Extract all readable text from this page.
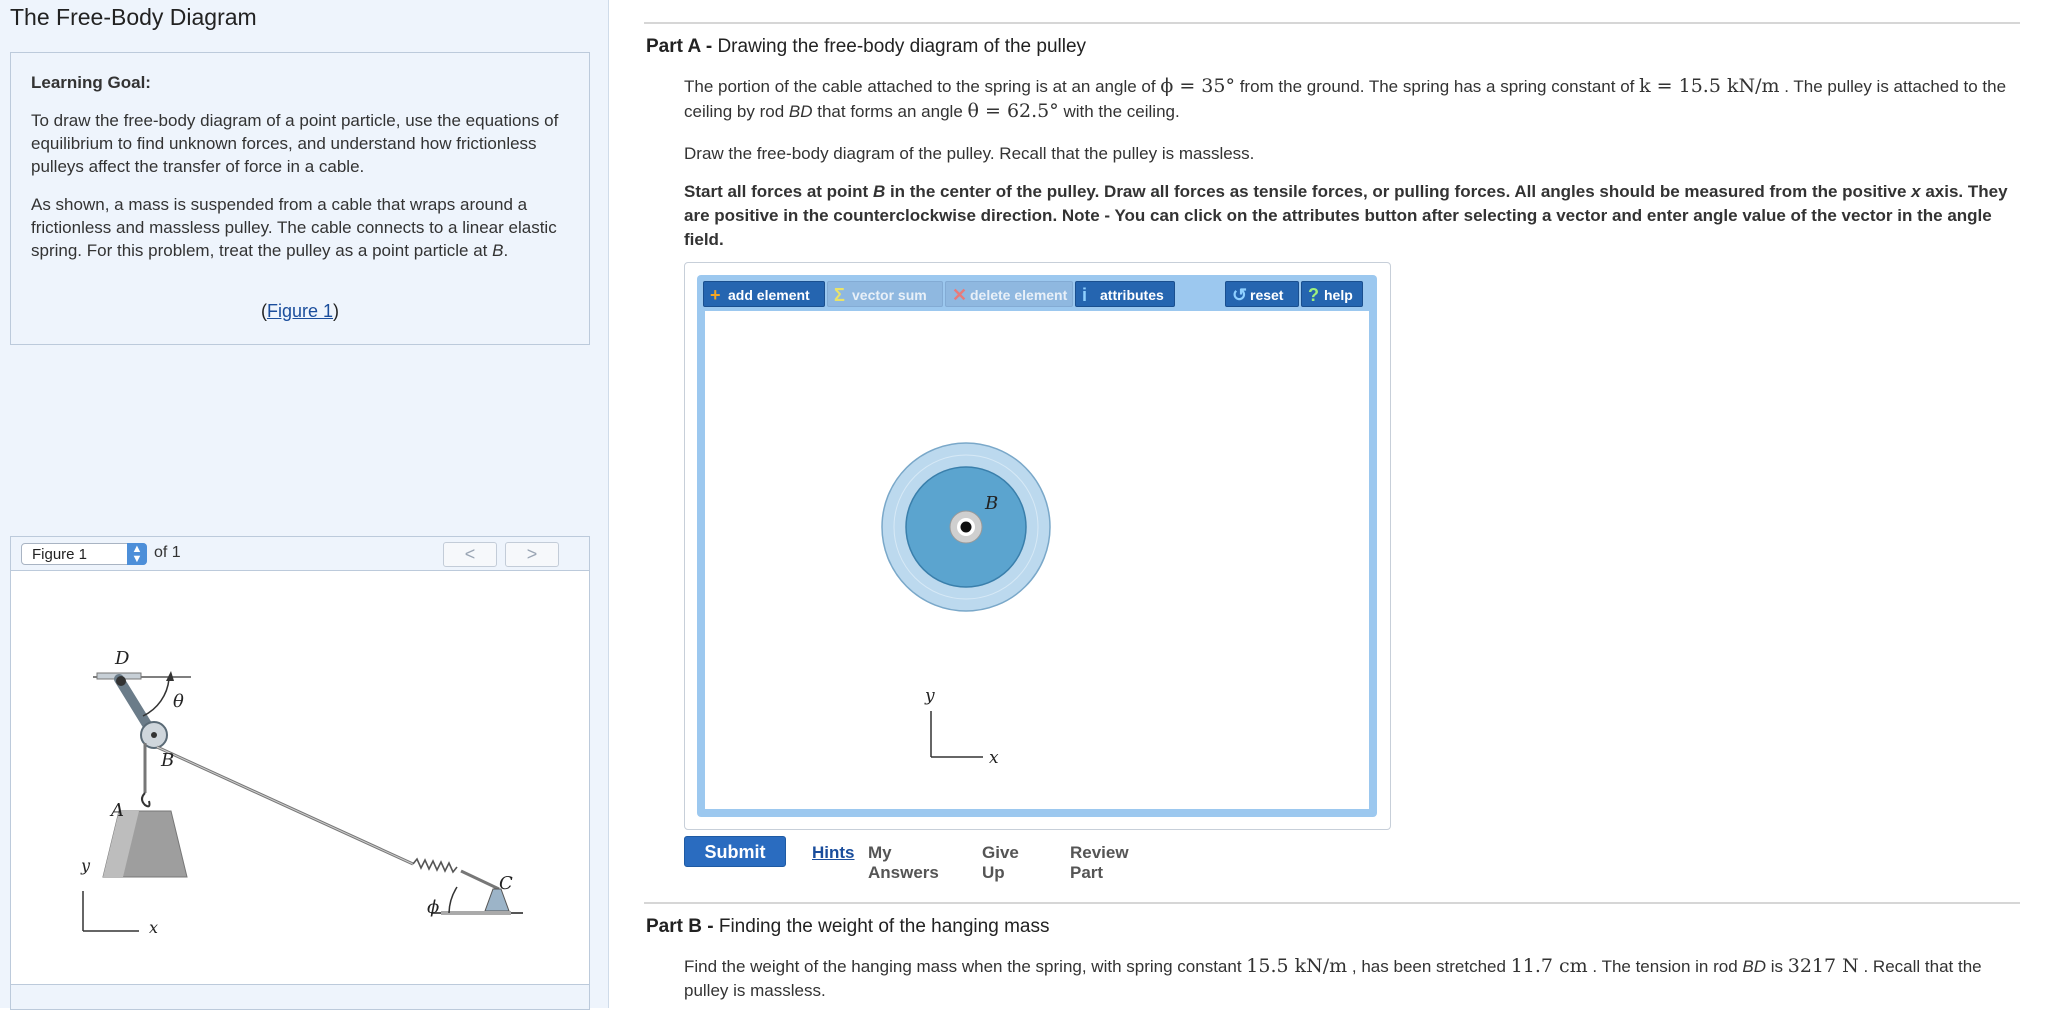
The Free-Body Diagram
Learning Goal:

To draw the free-body diagram of a point particle, use the equations of equilibrium to find unknown forces, and understand how frictionless pulleys affect the transfer of force in a cable.

As shown, a mass is suspended from a cable that wraps around a frictionless and massless pulley. The cable connects to a linear elastic spring. For this problem, treat the pulley as a point particle at B.

(Figure 1)
Figure 1	▲
▼ of 1	<	>
D
θ
B
A
y
x
ϕ
C
Part A - Drawing the free-body diagram of the pulley

The portion of the cable attached to the spring is at an angle of ϕ = 35° from the ground. The spring has a spring constant of k = 15.5 kN/m . The pulley is attached to the ceiling by rod BD that forms an angle θ = 62.5° with the ceiling.

Draw the free-body diagram of the pulley. Recall that the pulley is massless.

Start all forces at point B in the center of the pulley. Draw all forces as tensile forces, or pulling forces. All angles should be measured from the positive x axis. They are positive in the counterclockwise direction. Note - You can click on the attributes button after selecting a vector and enter angle value of the vector in the angle field.

+ add element	Σ vector sum	✕ delete element i attributes	↺ reset	? help
B
y
x
Submit	Hints My Answers
Give Up
Review Part
Part B - Finding the weight of the hanging mass

Find the weight of the hanging mass when the spring, with spring constant 15.5 kN/m , has been stretched 11.7 cm . The tension in rod BD is 3217 N . Recall that the pulley is massless.
